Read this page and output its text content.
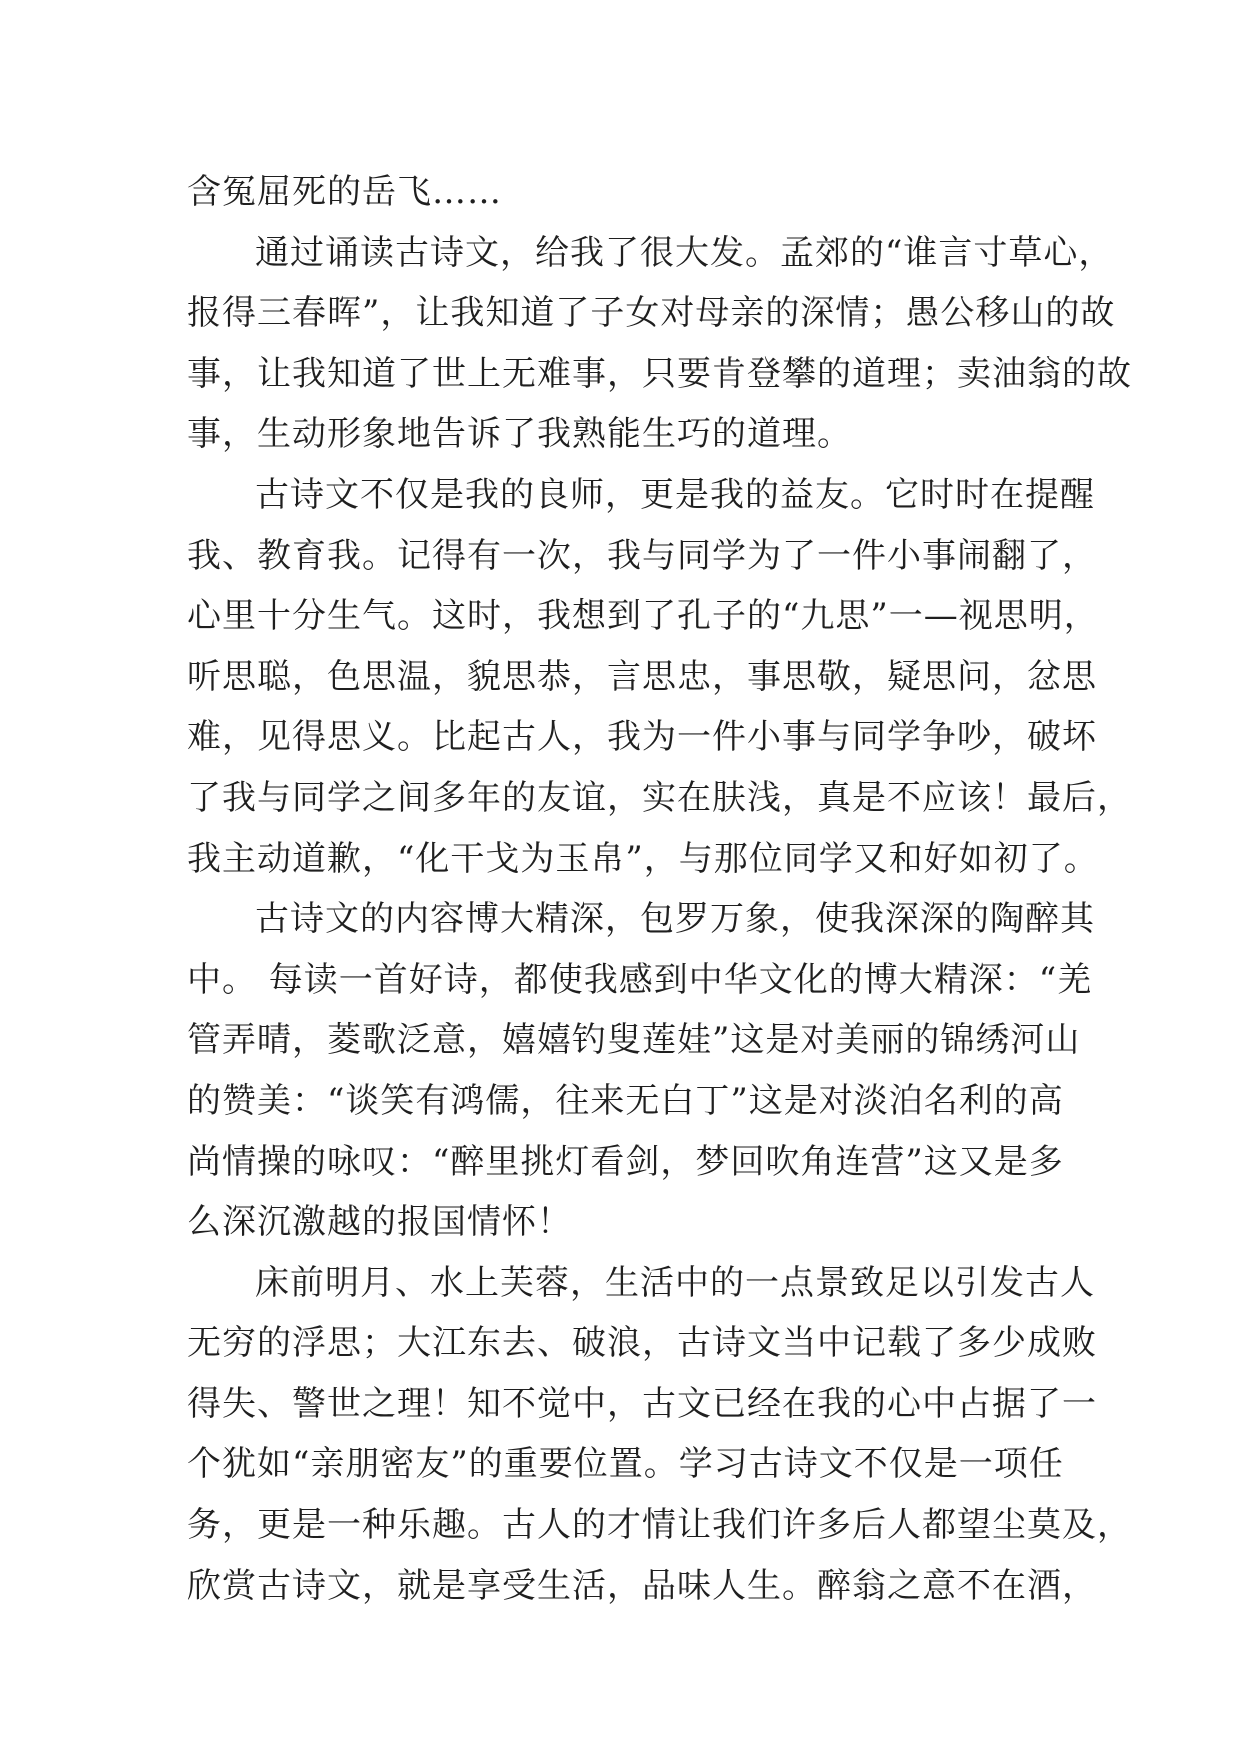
含冤屈死的岳飞……
通过诵读古诗文，给我了很大发。孟郊的“谁言寸草心，
报得三春晖”，让我知道了子女对母亲的深情；愚公移山的故
事，让我知道了世上无难事，只要肯登攀的道理；卖油翁的故
事，生动形象地告诉了我熟能生巧的道理。
古诗文不仅是我的良师，更是我的益友。它时时在提醒
我、教育我。记得有一次，我与同学为了一件小事闹翻了，
心里十分生气。这时，我想到了孔子的“九思”一—视思明，
听思聪，色思温，貌思恭，言思忠，事思敬，疑思问，忿思
难，见得思义。比起古人，我为一件小事与同学争吵，破坏
了我与同学之间多年的友谊，实在肤浅，真是不应该！最后，
我主动道歉，“化干戈为玉帛”，与那位同学又和好如初了。
古诗文的内容博大精深，包罗万象，使我深深的陶醉其
中。 每读一首好诗，都使我感到中华文化的博大精深：“羌
管弄晴，菱歌泛意，嬉嬉钓叟莲娃”这是对美丽的锦绣河山
的赞美：“谈笑有鸿儒，往来无白丁”这是对淡泊名利的高
尚情操的咏叹：“醉里挑灯看剑，梦回吹角连营”这又是多
么深沉激越的报国情怀！
床前明月、水上芙蓉，生活中的一点景致足以引发古人
无穷的浮思；大江东去、破浪，古诗文当中记载了多少成败
得失、警世之理！知不觉中，古文已经在我的心中占据了一
个犹如“亲朋密友”的重要位置。学习古诗文不仅是一项任
务，更是一种乐趣。古人的才情让我们许多后人都望尘莫及，
欣赏古诗文，就是享受生活，品味人生。醉翁之意不在酒，
